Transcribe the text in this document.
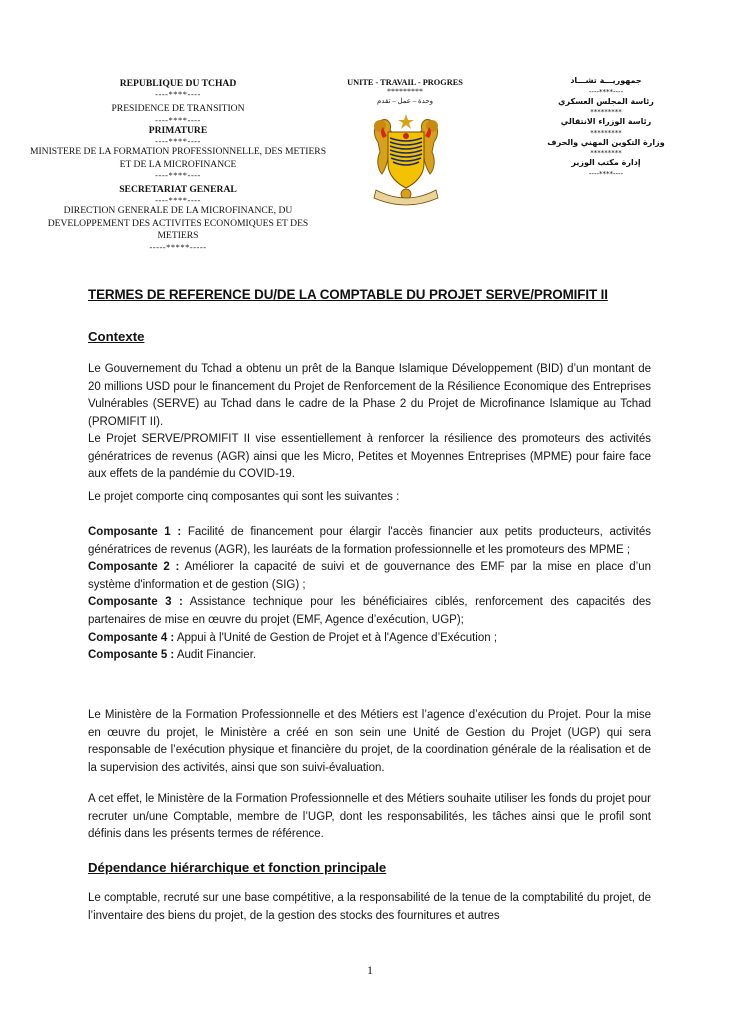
REPUBLIQUE DU TCHAD
----****----
PRESIDENCE DE TRANSITION
----****----
PRIMATURE
----****----
MINISTERE DE LA FORMATION PROFESSIONNELLE, DES METIERS ET DE LA MICROFINANCE
----****----
SECRETARIAT GENERAL
----****----
DIRECTION GENERALE DE LA MICROFINANCE, DU DEVELOPPEMENT DES ACTIVITES ECONOMIQUES ET DES METIERS
-----*****-----
UNITE - TRAVAIL - PROGRES
*********
وحدة – عمل – تقدم
جمهوريـــة تشـــاد
----****----
رئاسة المجلس العسكري
*********
رئاسة الوزراء الانتقالي
*********
وزارة التكوين المهني والحرف
*********
إدارة مكتب الوزير
----****----
TERMES DE REFERENCE DU/DE LA COMPTABLE DU PROJET SERVE/PROMIFIT II
Contexte
Le Gouvernement du Tchad a obtenu un prêt de la Banque Islamique Développement (BID) d’un montant de 20 millions USD pour le financement du Projet de Renforcement de la Résilience Economique des Entreprises Vulnérables (SERVE) au Tchad dans le cadre de la Phase 2 du Projet de Microfinance Islamique au Tchad (PROMIFIT II).
Le Projet SERVE/PROMIFIT II vise essentiellement à renforcer la résilience des promoteurs des activités génératrices de revenus (AGR) ainsi que les Micro, Petites et Moyennes Entreprises (MPME) pour faire face aux effets de la pandémie du COVID-19.
Le projet comporte cinq composantes qui sont les suivantes :
Composante 1 : Facilité de financement pour élargir l'accès financier aux petits producteurs, activités génératrices de revenus (AGR), les lauréats de la formation professionnelle et les promoteurs des MPME ;
Composante 2 : Améliorer la capacité de suivi et de gouvernance des EMF par la mise en place d’un système d'information et de gestion (SIG) ;
Composante 3 : Assistance technique pour les bénéficiaires ciblés, renforcement des capacités des partenaires de mise en œuvre du projet (EMF, Agence d’exécution, UGP);
Composante 4 : Appui à l'Unité de Gestion de Projet et à l'Agence d’Exécution ;
Composante 5 : Audit Financier.
Le Ministère de la Formation Professionnelle et des Métiers est l’agence d’exécution du Projet. Pour la mise en œuvre du projet, le Ministère a créé en son sein une Unité de Gestion du Projet (UGP) qui sera responsable de l’exécution physique et financière du projet, de la coordination générale de la réalisation et de la supervision des activités, ainsi que son suivi-évaluation.
A cet effet, le Ministère de la Formation Professionnelle et des Métiers souhaite utiliser les fonds du projet pour recruter un/une Comptable, membre de l’UGP, dont les responsabilités, les tâches ainsi que le profil sont définis dans les présents termes de référence.
Dépendance hiérarchique et fonction principale
Le comptable, recruté sur une base compétitive, a la responsabilité de la tenue de la comptabilité du projet, de l’inventaire des biens du projet, de la gestion des stocks des fournitures et autres
1
